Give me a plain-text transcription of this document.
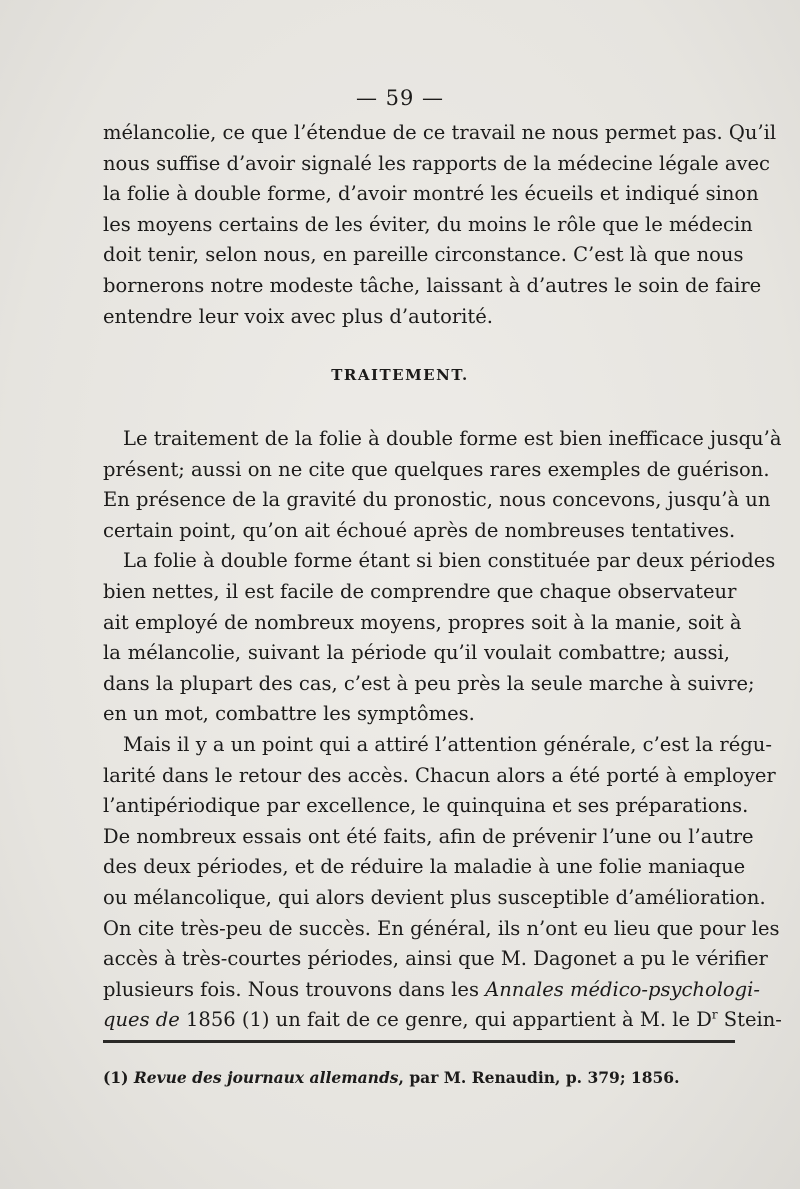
— 59 —
mélancolie, ce que l’étendue de ce travail ne nous permet pas. Qu’il
nous suffise d’avoir signalé les rapports de la médecine légale avec
la folie à double forme, d’avoir montré les écueils et indiqué sinon
les moyens certains de les éviter, du moins le rôle que le médecin
doit tenir, selon nous, en pareille circonstance. C’est là que nous
bornerons notre modeste tâche, laissant à d’autres le soin de faire
entendre leur voix avec plus d’autorité.
TRAITEMENT.
Le traitement de la folie à double forme est bien inefficace jusqu’à
présent; aussi on ne cite que quelques rares exemples de guérison.
En présence de la gravité du pronostic, nous concevons, jusqu’à un
certain point, qu’on ait échoué après de nombreuses tentatives.
La folie à double forme étant si bien constituée par deux périodes
bien nettes, il est facile de comprendre que chaque observateur
ait employé de nombreux moyens, propres soit à la manie, soit à
la mélancolie, suivant la période qu’il voulait combattre; aussi,
dans la plupart des cas, c’est à peu près la seule marche à suivre;
en un mot, combattre les symptômes.
Mais il y a un point qui a attiré l’attention générale, c’est la régu-
larité dans le retour des accès. Chacun alors a été porté à employer
l’antipériodique par excellence, le quinquina et ses préparations.
De nombreux essais ont été faits, afin de prévenir l’une ou l’autre
des deux périodes, et de réduire la maladie à une folie maniaque
ou mélancolique, qui alors devient plus susceptible d’amélioration.
On cite très-peu de succès. En général, ils n’ont eu lieu que pour les
accès à très-courtes périodes, ainsi que M. Dagonet a pu le vérifier
plusieurs fois. Nous trouvons dans les Annales médico-psychologi-
ques de 1856 (1) un fait de ce genre, qui appartient à M. le $D^r$ Stein-
(1) Revue des journaux allemands, par M. Renaudin, p. 379; 1856.
